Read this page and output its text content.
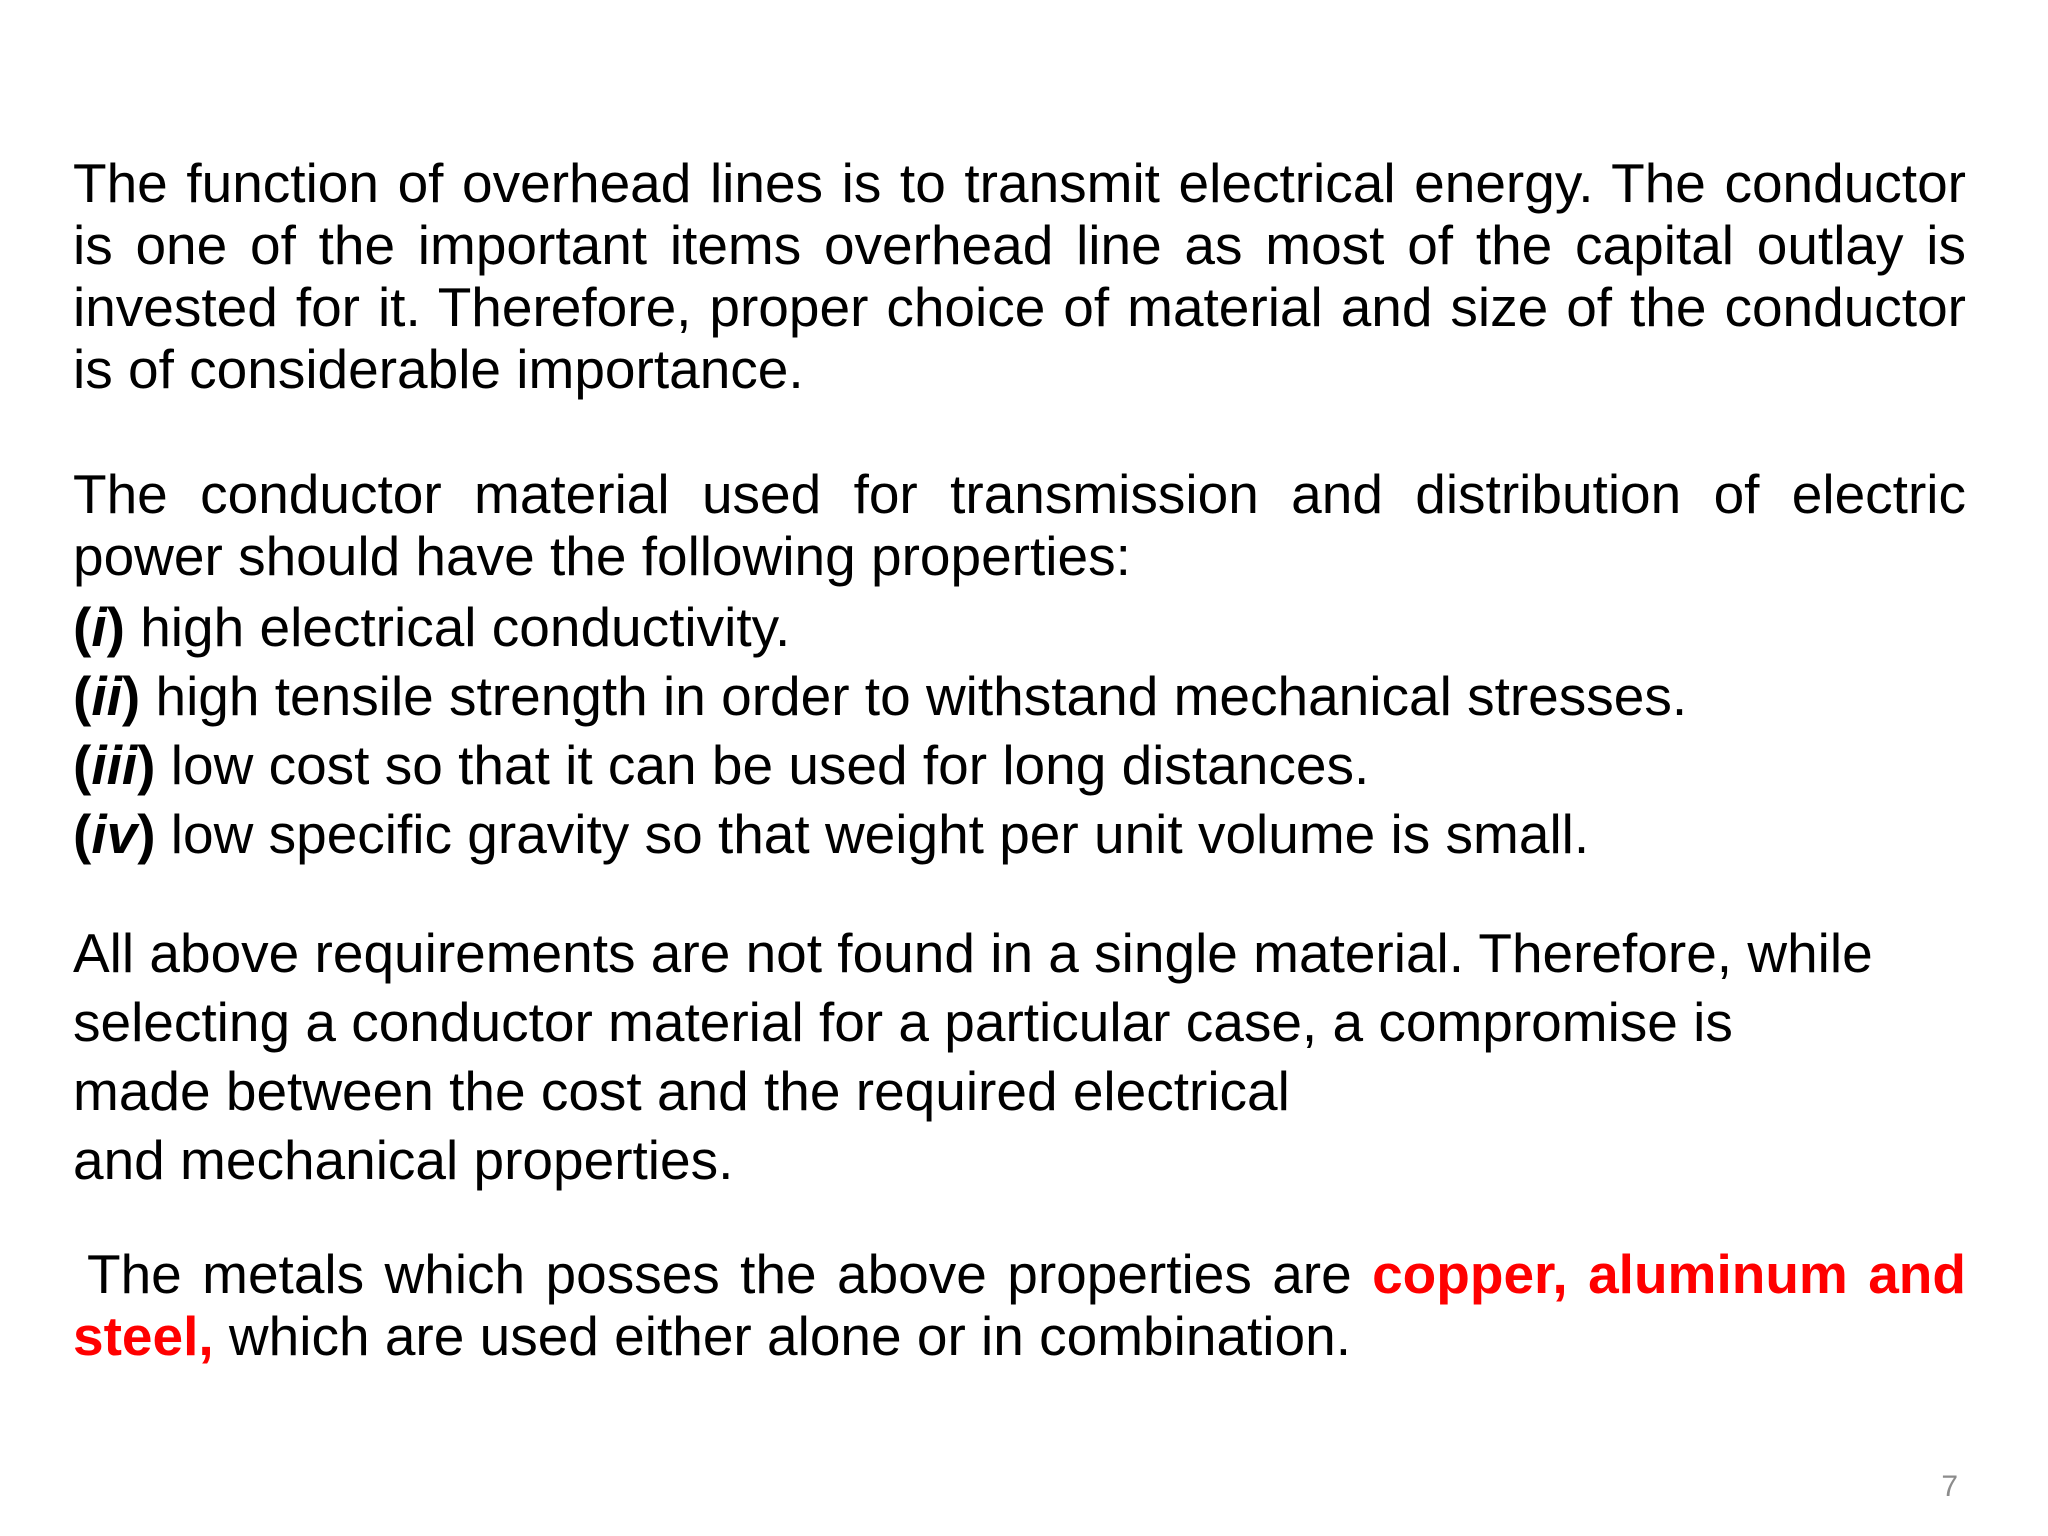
The function of overhead lines is to transmit electrical energy. The conductor is one of the important items overhead line as most of the capital outlay is invested for it. Therefore, proper choice of material and size of the conductor is of considerable importance.

The conductor material used for transmission and distribution of electric power should have the following properties:

(i) high electrical conductivity.

(ii) high tensile strength in order to withstand mechanical stresses.

(iii) low cost so that it can be used for long distances.

(iv) low specific gravity so that weight per unit volume is small.

All above requirements are not found in a single material. Therefore, while
selecting a conductor material for a particular case, a compromise is
made between the cost and the required electrical
and mechanical properties.

The metals which posses the above properties are copper, aluminum and steel, which are used either alone or in combination.

7
